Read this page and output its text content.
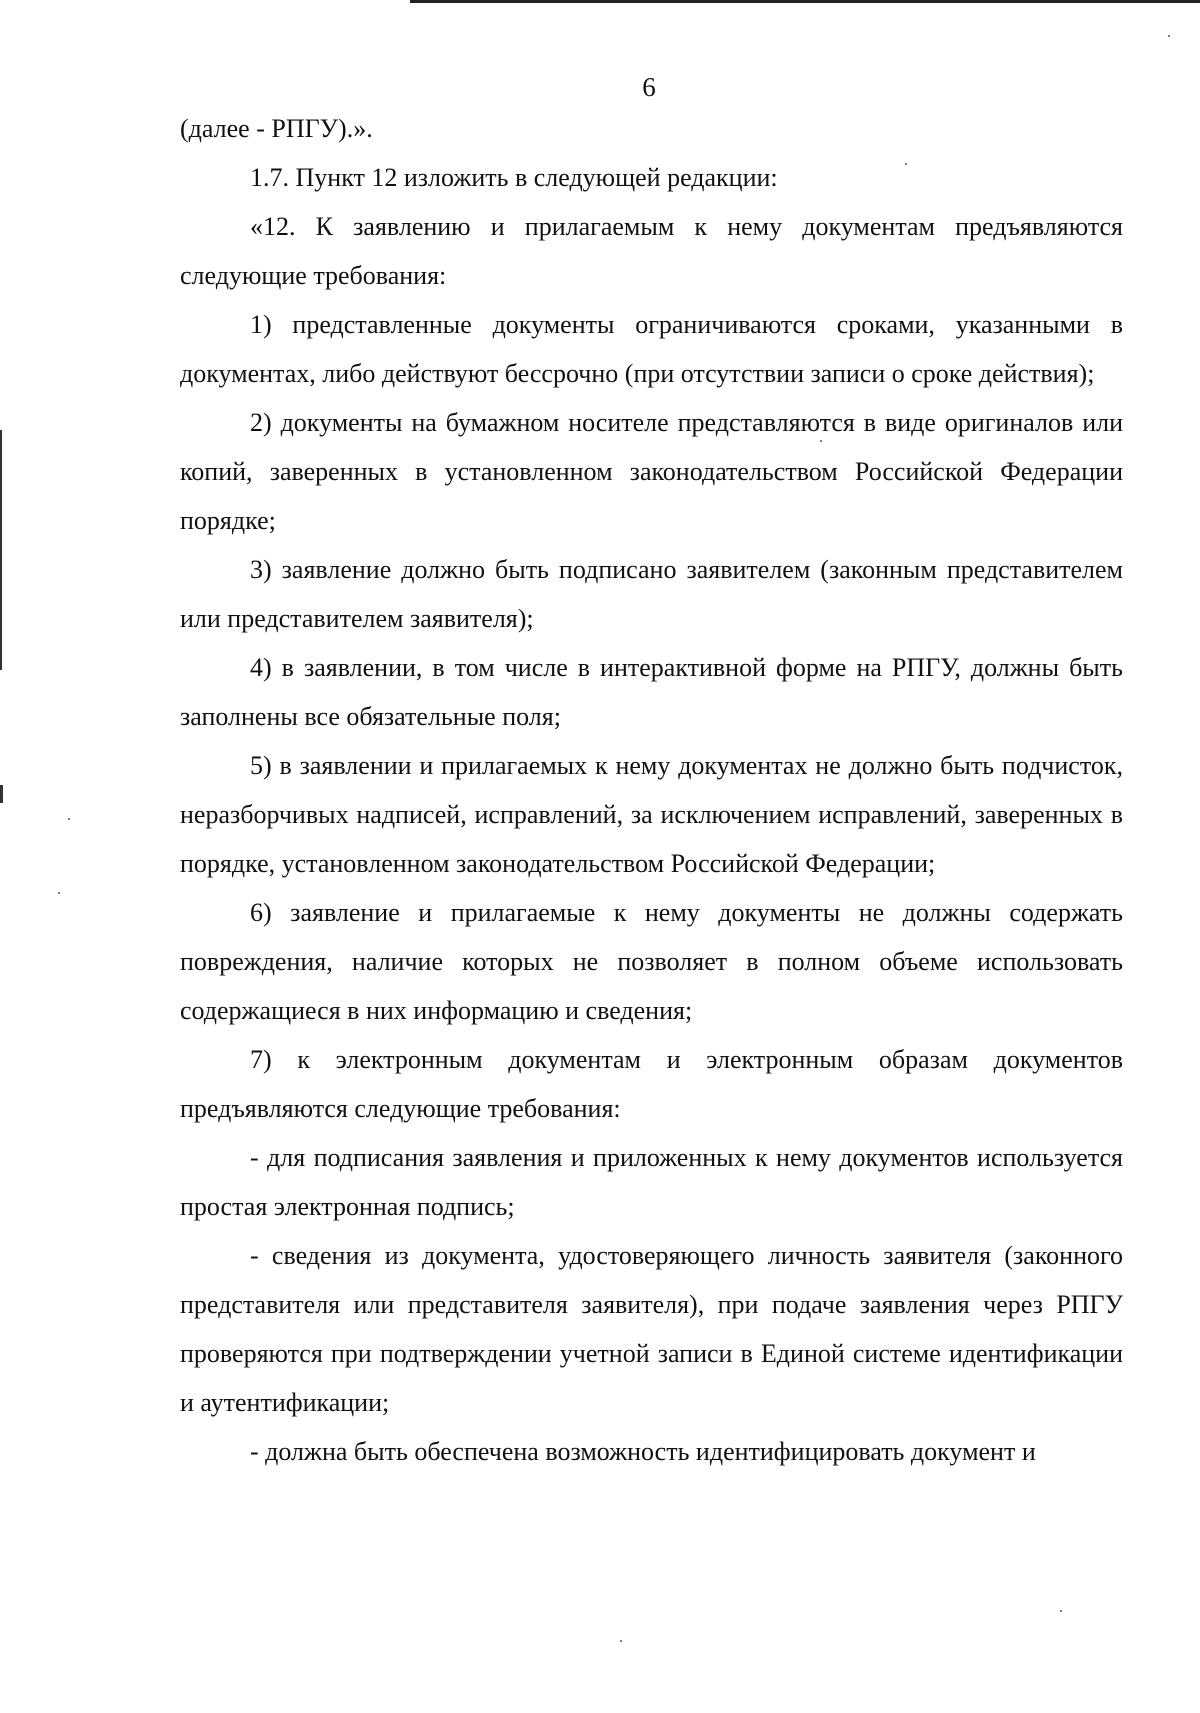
6

(далее - РПГУ).».

1.7. Пункт 12 изложить в следующей редакции:

«12. К заявлению и прилагаемым к нему документам предъявляются следующие требования:

1) представленные документы ограничиваются сроками, указанными в документах, либо действуют бессрочно (при отсутствии записи о сроке действия);

2) документы на бумажном носителе представляются в виде оригиналов или копий, заверенных в установленном законодательством Российской Федерации порядке;

3) заявление должно быть подписано заявителем (законным представителем или представителем заявителя);

4) в заявлении, в том числе в интерактивной форме на РПГУ, должны быть заполнены все обязательные поля;

5) в заявлении и прилагаемых к нему документах не должно быть подчисток, неразборчивых надписей, исправлений, за исключением исправлений, заверенных в порядке, установленном законодательством Российской Федерации;

6) заявление и прилагаемые к нему документы не должны содержать повреждения, наличие которых не позволяет в полном объеме использовать содержащиеся в них информацию и сведения;

7) к электронным документам и электронным образам документов предъявляются следующие требования:

- для подписания заявления и приложенных к нему документов используется простая электронная подпись;

- сведения из документа, удостоверяющего личность заявителя (законного представителя или представителя заявителя), при подаче заявления через РПГУ проверяются при подтверждении учетной записи в Единой системе идентификации и аутентификации;

- должна быть обеспечена возможность идентифицировать документ и
